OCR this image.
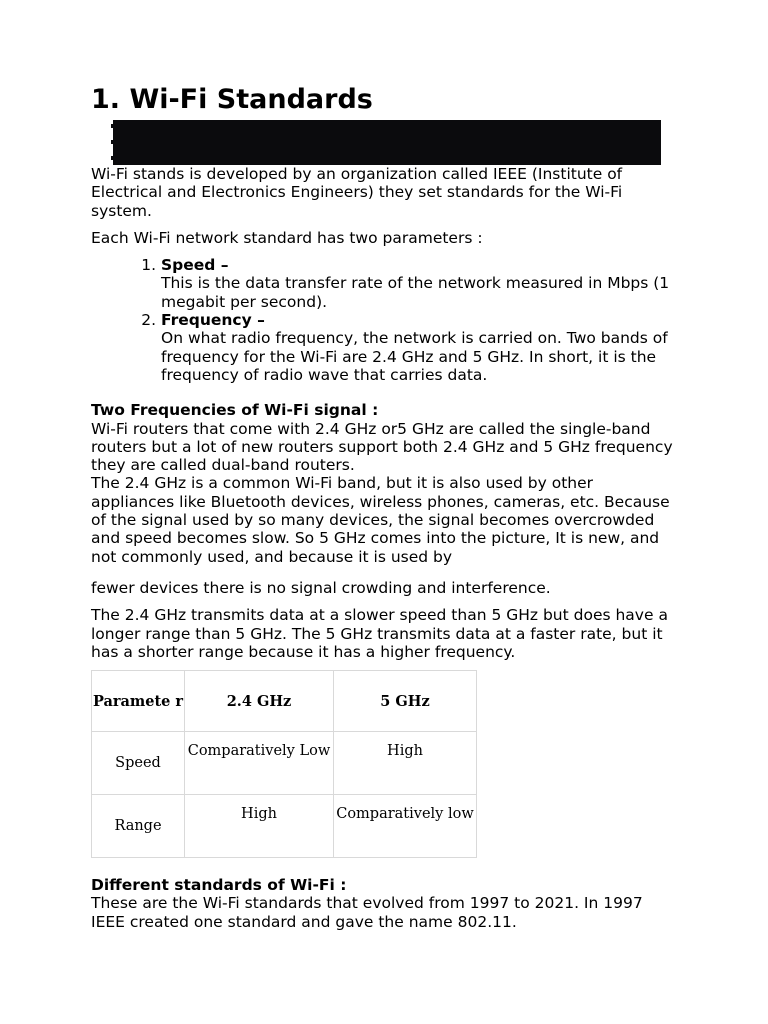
1. Wi-Fi Standards

Wi-Fi stands is developed by an organization called IEEE (Institute of Electrical and Electronics Engineers) they set standards for the Wi-Fi system.

Each Wi-Fi network standard has two parameters :

1. Speed –
This is the data transfer rate of the network measured in Mbps (1 megabit per second).
2. Frequency –
On what radio frequency, the network is carried on. Two bands of frequency for the Wi-Fi are 2.4 GHz and 5 GHz. In short, it is the frequency of radio wave that carries data.
Two Frequencies of Wi-Fi signal :

Wi-Fi routers that come with 2.4 GHz or5 GHz are called the single-band routers but a lot of new routers support both 2.4 GHz and 5 GHz frequency they are called dual-band routers.

The 2.4 GHz is a common Wi-Fi band, but it is also used by other appliances like Bluetooth devices, wireless phones, cameras, etc. Because of the signal used by so many devices, the signal becomes overcrowded and speed becomes slow. So 5 GHz comes into the picture, It is new, and not commonly used, and because it is used by

fewer devices there is no signal crowding and interference.

The 2.4 GHz transmits data at a slower speed than 5 GHz but does have a longer range than 5 GHz. The 5 GHz transmits data at a faster rate, but it has a shorter range because it has a higher frequency.

Paramete r	2.4 GHz	5 GHz
Speed	Comparatively Low	High
Range	High	Comparatively low
Different standards of Wi-Fi :

These are the Wi-Fi standards that evolved from 1997 to 2021. In 1997 IEEE created one standard and gave the name 802.11.
